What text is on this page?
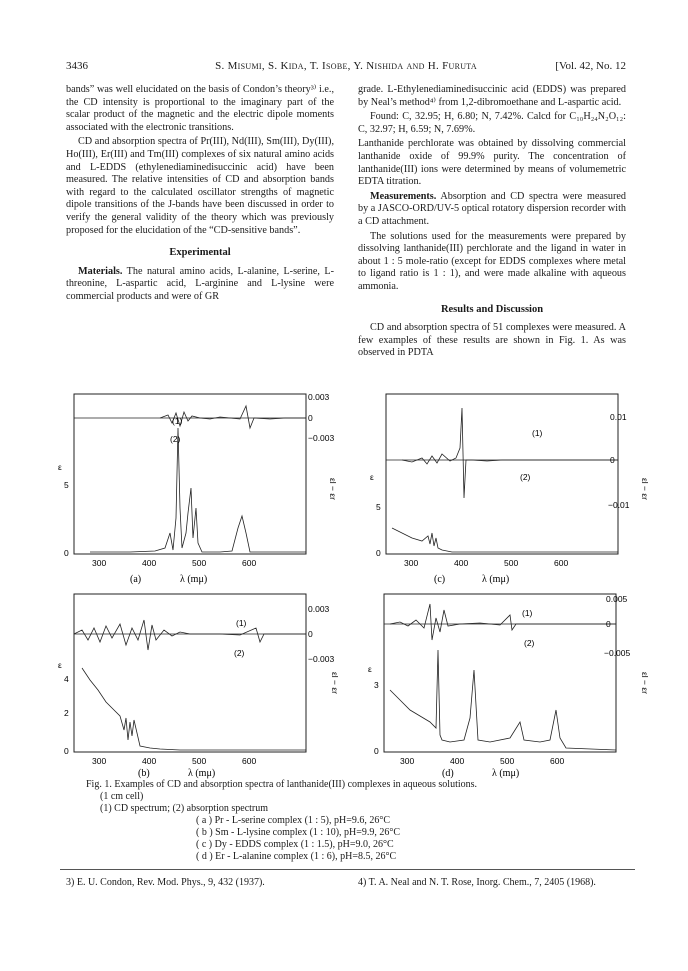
3436	S. Misumi, S. Kida, T. Isobe, Y. Nishida and H. Furuta	[Vol. 42, No. 12

bands” was well elucidated on the basis of Condon’s theory³⁾ i.e., the CD intensity is proportional to the imaginary part of the scalar product of the magnetic and the electric dipole moments associated with the electronic transitions.

CD and absorption spectra of Pr(III), Nd(III), Sm(III), Dy(III), Ho(III), Er(III) and Tm(III) complexes of six natural amino acids and L-EDDS (ethylenediaminedisuccinic acid) have been measured. The relative intensities of CD and absorption bands with regard to the calculated oscillator strengths of magnetic dipole transitions of the J-bands have been discussed in order to verify the general validity of the theory which was previously proposed for the elucidation of the “CD-sensitive bands”.

Experimental

Materials. The natural amino acids, L-alanine, L-serine, L-threonine, L-aspartic acid, L-arginine and L-lysine were commercial products and were of GR

grade. L-Ethylenediaminedisuccinic acid (EDDS) was prepared by Neal’s method⁴⁾ from 1,2-dibromoethane and L-aspartic acid.

Found: C, 32.95; H, 6.80; N, 7.42%. Calcd for C₁₀H₂₄N₂O₁₂: C, 32.97; H, 6.59; N, 7.69%.

Lanthanide perchlorate was obtained by dissolving commercial lanthanide oxide of 99.9% purity. The concentration of lanthanide(III) ions were determined by means of volumemetric EDTA titration.

Measurements. Absorption and CD spectra were measured by a JASCO-ORD/UV-5 optical rotatory dispersion recorder with a CD attachment.

The solutions used for the measurements were prepared by dissolving lanthanide(III) perchlorate and the ligand in water in about 1 : 5 mole-ratio (except for EDDS complexes where metal to ligand ratio is 1 : 1), and were made alkaline with aqueous ammonia.

Results and Discussion

CD and absorption spectra of 51 complexes were measured. A few examples of these results are shown in Fig. 1. As was observed in PDTA

(1)
(2)
0.003
0
−0.003
5
0
ε
εl − εr
300	400	500	600
(a)	λ (mμ)
(1)
(2)
0.01
0
−0.01
5
0
ε
εl − εr
300	400	500	600
(c)	λ (mμ)
(1)
(2)
0.003
0
−0.003
4
2
0
ε
εl − εr
300	400	500	600
(b)	λ (mμ)
(1)
(2)
0.005
0
−0.005
3
0
ε
εl − εr
300	400	500	600
(d)	λ (mμ)

Fig. 1. Examples of CD and absorption spectra of lanthanide(III) complexes in aqueous solutions.

(1 cm cell)

(1) CD spectrum; (2) absorption spectrum

( a ) Pr - L-serine complex (1 : 5), pH=9.6, 26°C

( b ) Sm - L-lysine complex (1 : 10), pH=9.9, 26°C

( c ) Dy - EDDS complex (1 : 1.5), pH=9.0, 26°C

( d ) Er - L-alanine complex (1 : 6), pH=8.5, 26°C

3) E. U. Condon, Rev. Mod. Phys., 9, 432 (1937).	4) T. A. Neal and N. T. Rose, Inorg. Chem., 7, 2405 (1968).
